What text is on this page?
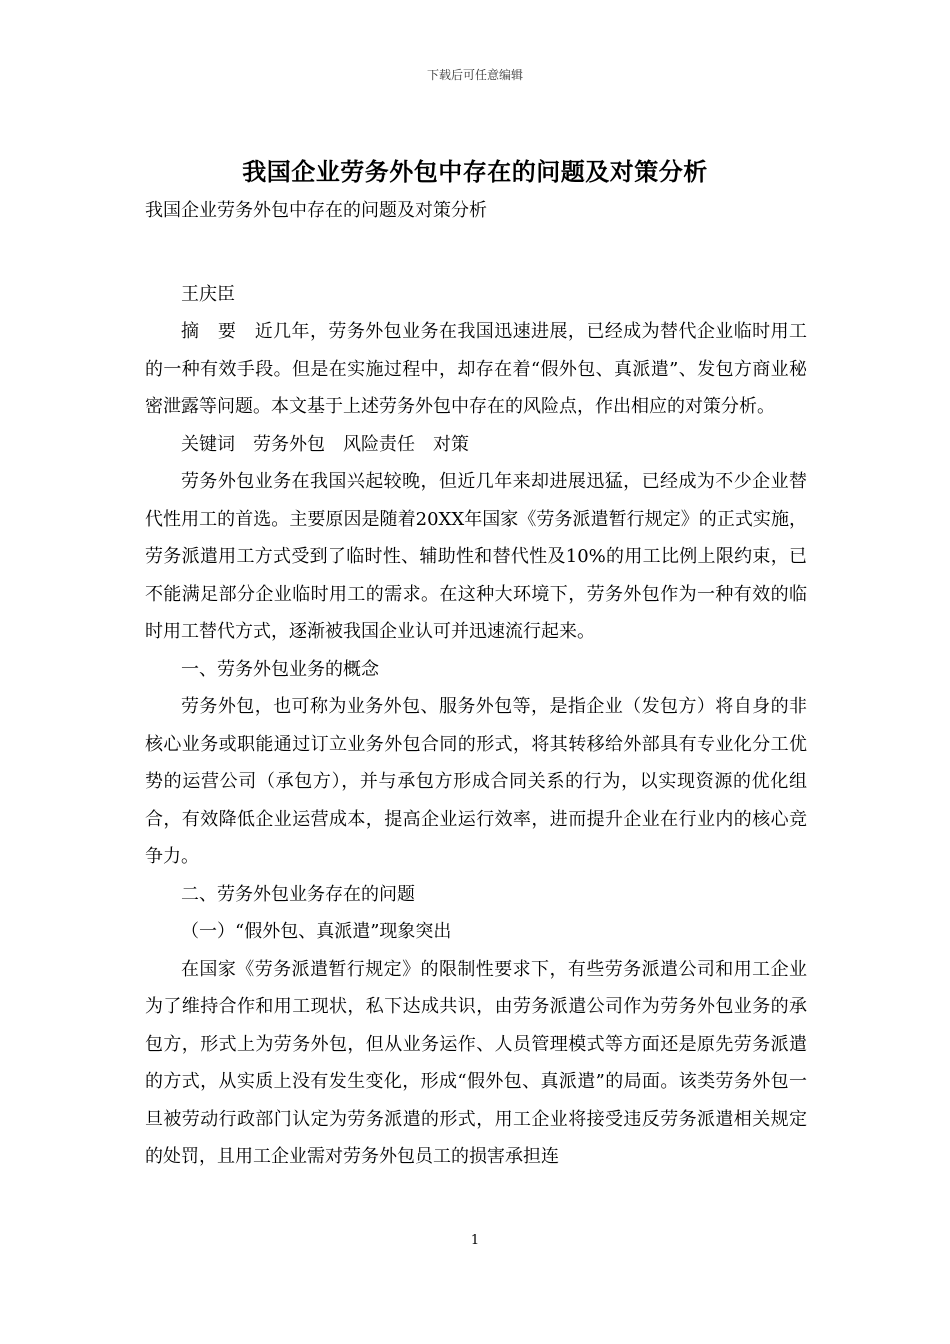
下载后可任意编辑
我国企业劳务外包中存在的问题及对策分析

我国企业劳务外包中存在的问题及对策分析

王庆臣

摘　要　近几年，劳务外包业务在我国迅速进展，已经成为替代企业临时用工的一种有效手段。但是在实施过程中，却存在着“假外包、真派遣”、发包方商业秘密泄露等问题。本文基于上述劳务外包中存在的风险点，作出相应的对策分析。

关键词　劳务外包　风险责任　对策

劳务外包业务在我国兴起较晚，但近几年来却进展迅猛，已经成为不少企业替代性用工的首选。主要原因是随着20XX年国家《劳务派遣暂行规定》的正式实施，劳务派遣用工方式受到了临时性、辅助性和替代性及10%的用工比例上限约束，已不能满足部分企业临时用工的需求。在这种大环境下，劳务外包作为一种有效的临时用工替代方式，逐渐被我国企业认可并迅速流行起来。

一、劳务外包业务的概念

劳务外包，也可称为业务外包、服务外包等，是指企业（发包方）将自身的非核心业务或职能通过订立业务外包合同的形式，将其转移给外部具有专业化分工优势的运营公司（承包方），并与承包方形成合同关系的行为，以实现资源的优化组合，有效降低企业运营成本，提高企业运行效率，进而提升企业在行业内的核心竞争力。

二、劳务外包业务存在的问题

（一）“假外包、真派遣”现象突出

在国家《劳务派遣暂行规定》的限制性要求下，有些劳务派遣公司和用工企业为了维持合作和用工现状，私下达成共识，由劳务派遣公司作为劳务外包业务的承包方，形式上为劳务外包，但从业务运作、人员管理模式等方面还是原先劳务派遣的方式，从实质上没有发生变化，形成“假外包、真派遣”的局面。该类劳务外包一旦被劳动行政部门认定为劳务派遣的形式，用工企业将接受违反劳务派遣相关规定的处罚，且用工企业需对劳务外包员工的损害承担连

1
